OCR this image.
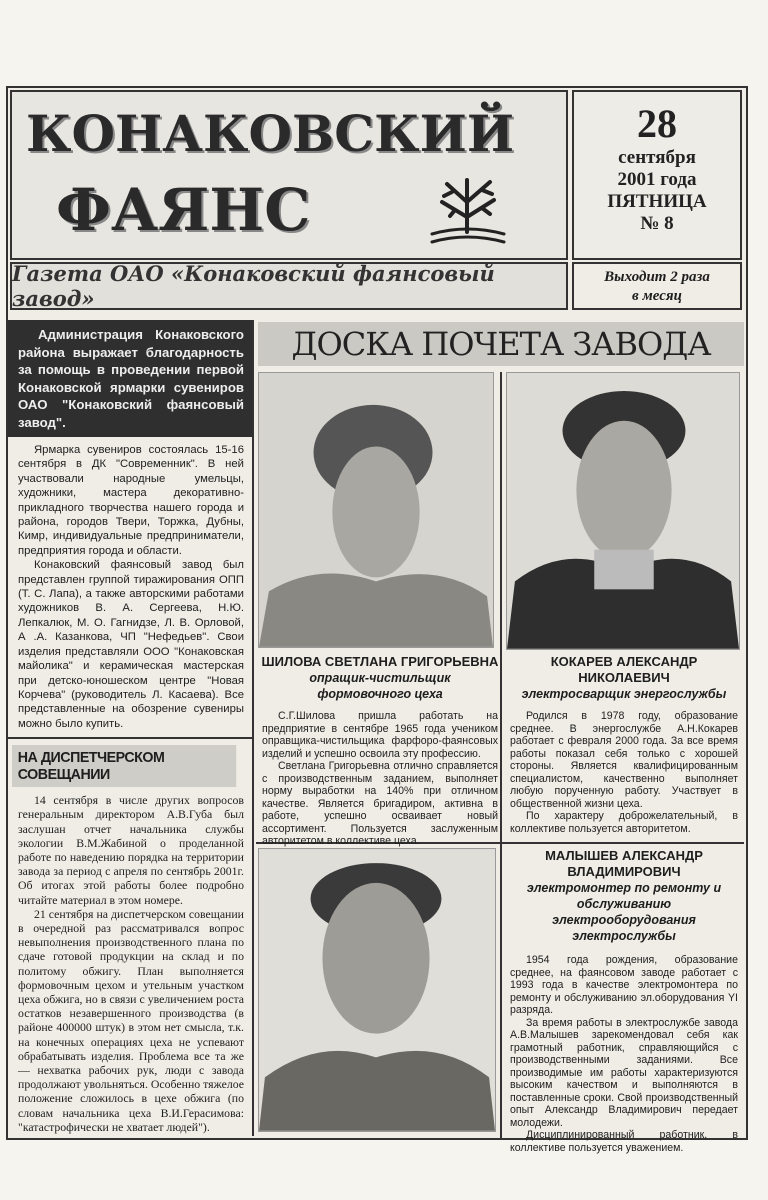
КОНАКОВСКИЙ
ФАЯНС
Газета ОАО «Конаковский фаянсовый завод»
28
сентября
2001 года
ПЯТНИЦА
№ 8
Выходит 2 раза
в месяц
Администрация Конаковского района выражает благодарность за помощь в проведении первой Конаковской ярмарки сувениров ОАО "Конаковский фаянсовый завод".

Ярмарка сувениров состоялась 15-16 сентября в ДК "Современник". В ней участвовали народные умельцы, художники, мастера декоративно-прикладного творчества нашего города и района, городов Твери, Торжка, Дубны, Кимр, индивидуальные предприниматели, предприятия города и области.

Конаковский фаянсовый завод был представлен группой тиражирования ОПП (Т. С. Лапа), а также авторскими работами художников В. А. Сергеева, Н.Ю. Лепкалюк, М. О. Гагнидзе, Л. В. Орловой, А .А. Казанкова, ЧП "Нефедьев". Свои изделия представляли ООО "Конаковская майолика" и керамическая мастерская при детско-юношеском центре "Новая Корчева" (руководитель Л. Касаева). Все представленные на обозрение сувениры можно было купить.

НА ДИСПЕТЧЕРСКОМ СОВЕЩАНИИ

14 сентября в числе других вопросов генеральным директором А.В.Губа был заслушан отчет начальника службы экологии В.М.Жабиной о проделанной работе по наведению порядка на территории завода за период с апреля по сентябрь 2001г. Об итогах этой работы более подробно читайте материал в этом номере.

21 сентября на диспетчерском совещании в очередной раз рассматривался вопрос невыполнения производственного плана по сдаче готовой продукции на склад и по политому обжигу. План выполняется формовочным цехом и утельным участком цеха обжига, но в связи с увеличением роста остатков незавершенного производства (в районе 400000 штук) в этом нет смысла, т.к. на конечных операциях цеха не успевают обрабатывать изделия. Проблема все та же — нехватка рабочих рук, люди с завода продолжают увольняться. Особенно тяжелое положение сложилось в цехе обжига (по словам начальника цеха В.И.Герасимова: "катастрофически не хватает людей").

ДОСКА ПОЧЕТА ЗАВОДА
ШИЛОВА СВЕТЛАНА ГРИГОРЬЕВНА
опращик-чистильщик формовочного цеха

С.Г.Шилова пришла работать на предприятие в сентябре 1965 года учеником оправщика-чистильщика фарфоро-фаянсовых изделий и успешно освоила эту профессию.

Светлана Григорьевна отлично справляется с производственным заданием, выполняет норму выработки на 140% при отличном качестве. Является бригадиром, активна в работе, успешно осваивает новый ассортимент. Пользуется заслуженным авторитетом в коллективе цеха.

КОКАРЕВ АЛЕКСАНДР НИКОЛАЕВИЧ
электросварщик энергослужбы

Родился в 1978 году, образование среднее. В энергослужбе А.Н.Кокарев работает с февраля 2000 года. За все время работы показал себя только с хорошей стороны. Является квалифицированным специалистом, качественно выполняет любую порученную работу. Участвует в общественной жизни цеха.

По характеру доброжелательный, в коллективе пользуется авторитетом.

МАЛЫШЕВ АЛЕКСАНДР ВЛАДИМИРОВИЧ
электромонтер по ремонту и обслуживанию электрооборудования электрослужбы

1954 года рождения, образование среднее, на фаянсовом заводе работает с 1993 года в качестве электромонтера по ремонту и обслуживанию эл.оборудования YI разряда.

За время работы в электрослужбе завода А.В.Малышев зарекомендовал себя как грамотный работник, справляющийся с производственными заданиями. Все производимые им работы характеризуются высоким качеством и выполняются в поставленные сроки. Свой производственный опыт Александр Владимирович передает молодежи.

Дисциплинированный работник, в коллективе пользуется уважением.
